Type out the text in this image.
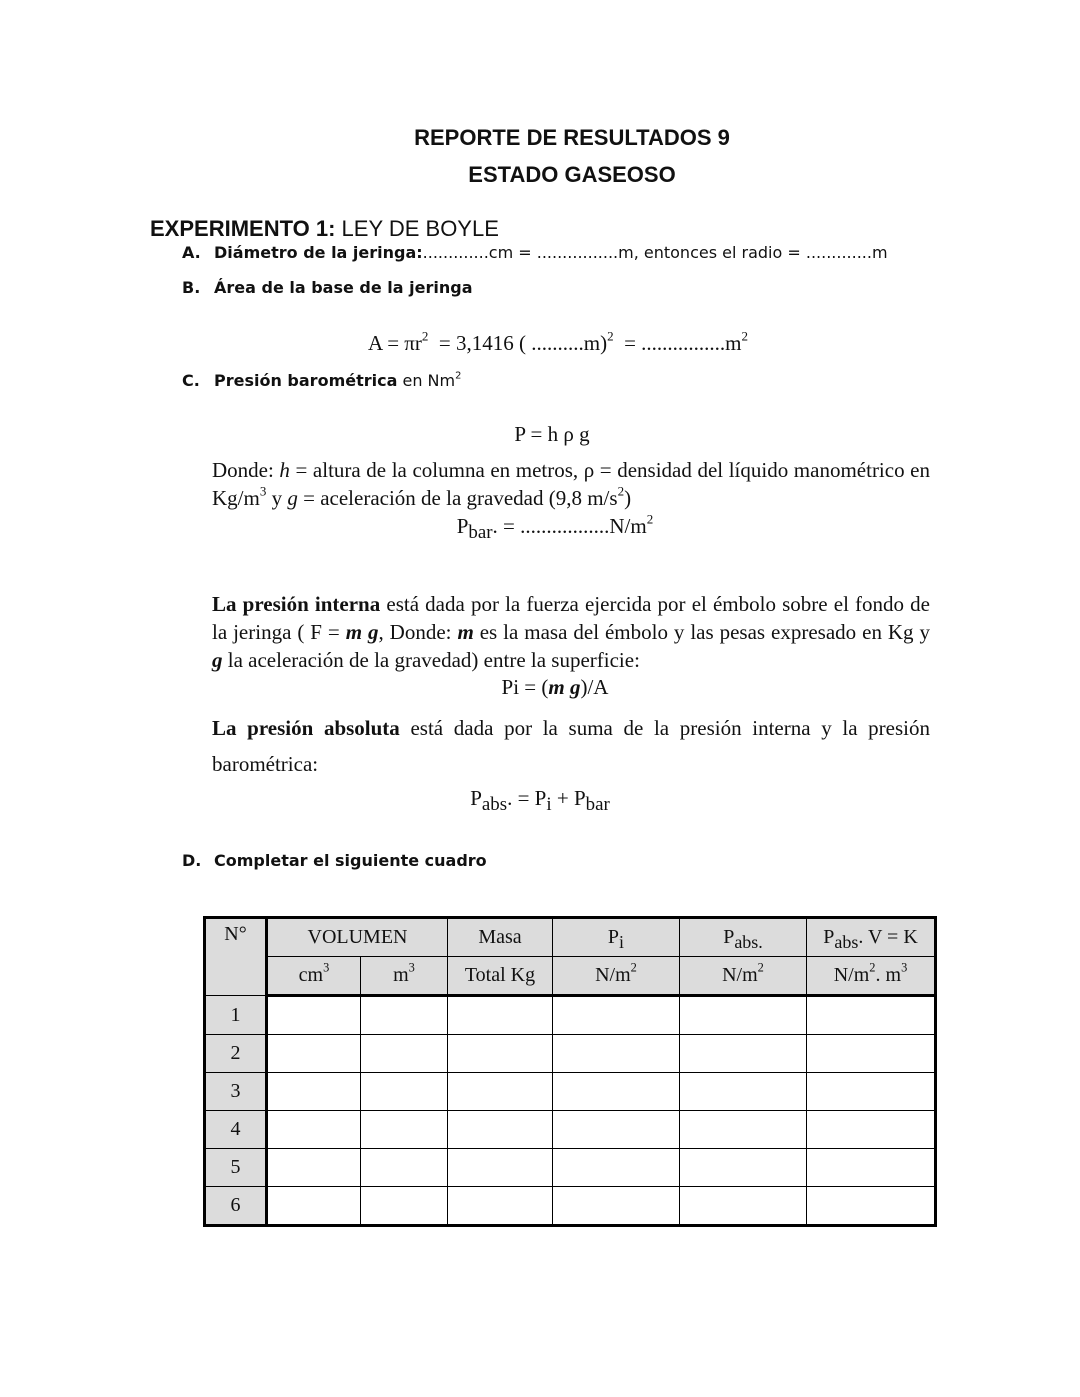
REPORTE DE RESULTADOS 9
ESTADO GASEOSO
EXPERIMENTO 1: LEY DE BOYLE
A. Diámetro de la jeringa:.............cm = ................m, entonces el radio = .............m
B. Área de la base de la jeringa
$A = \pi r^2 = 3,1416$ ( $..........m)^2 = ................m^2$
C. Presión barométrica en Nm$^2$
P = h ρ g
Donde: h = altura de la columna en metros, ρ = densidad del líquido manométrico en $Kg/m^3$ y g = aceleración de la gravedad (9,8 $m/s^2$)
$P_{bar}$. = $.................N/m^2$
La presión interna está dada por la fuerza ejercida por el émbolo sobre el fondo de la jeringa ( F = m g, Donde: m es la masa del émbolo y las pesas expresado en Kg y g la aceleración de la gravedad) entre la superficie:
Pi = (m g)/A
La presión absoluta está dada por la suma de la presión interna y la presión barométrica:
$P_{abs}$. = $P_i + P_{bar}$
D. Completar el siguiente cuadro
N°	VOLUMEN		Masa	$P_i$	$P_{abs.}$	$P_{abs}$. V = K
	$cm^3$	$m^3$	Total Kg	$N/m^2$	$N/m^2$	$N/m^2$. $m^3$
1						
2						
3						
4						
5						
6						
